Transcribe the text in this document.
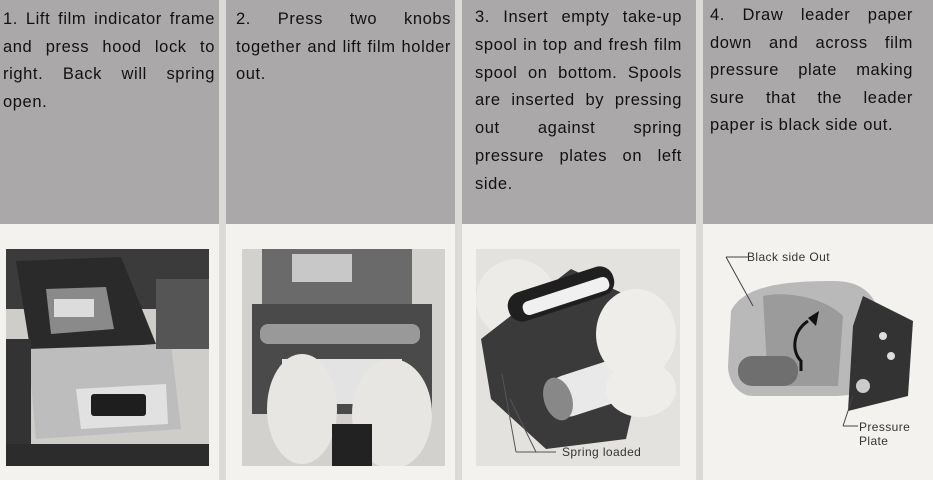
1. Lift film indicator frame and press hood lock to right. Back will spring open.
2. Press two knobs together and lift film holder out.
3. Insert empty take-up spool in top and fresh film spool on bottom. Spools are inserted by pressing out against spring pressure plates on left side.
Spring loaded
4. Draw leader paper down and across film pressure plate making sure that the leader paper is black side out.
Black side Out
Pressure
Plate
